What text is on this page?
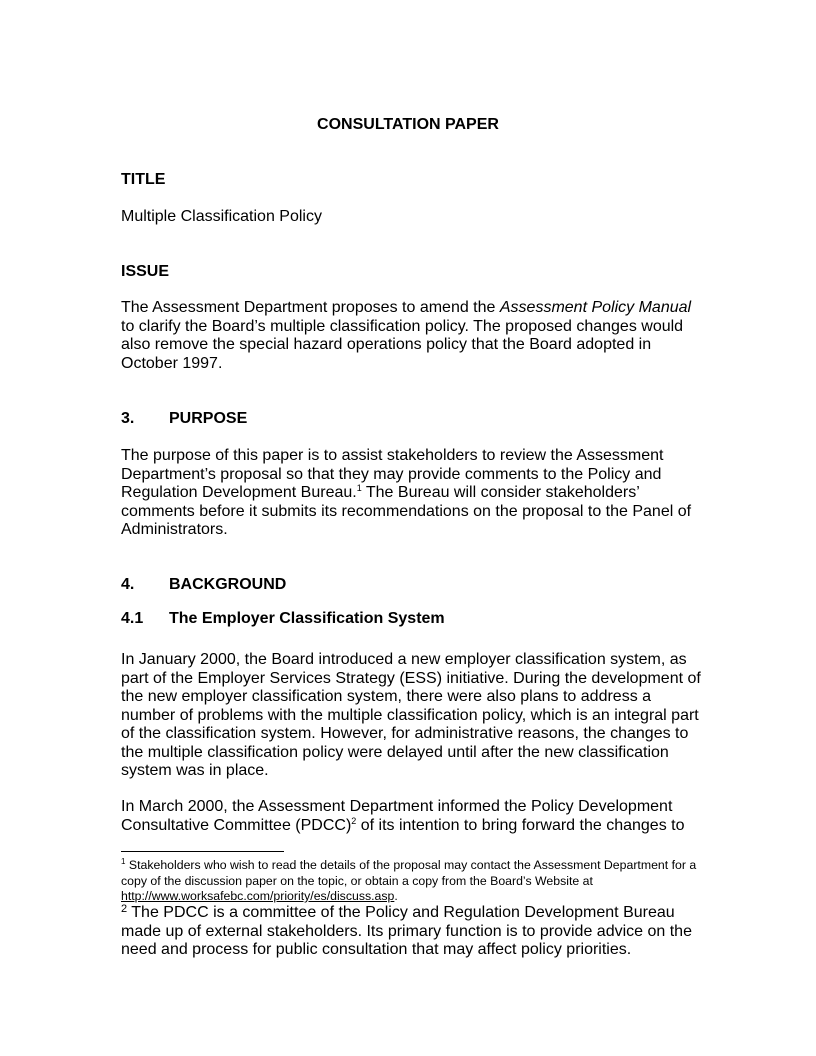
CONSULTATION PAPER
TITLE

Multiple Classification Policy

ISSUE

The Assessment Department proposes to amend the Assessment Policy Manual to clarify the Board’s multiple classification policy. The proposed changes would also remove the special hazard operations policy that the Board adopted in October 1997.

3. PURPOSE

The purpose of this paper is to assist stakeholders to review the Assessment Department’s proposal so that they may provide comments to the Policy and Regulation Development Bureau.$^1$ The Bureau will consider stakeholders’ comments before it submits its recommendations on the proposal to the Panel of Administrators.

4. BACKGROUND
4.1 The Employer Classification System

In January 2000, the Board introduced a new employer classification system, as part of the Employer Services Strategy (ESS) initiative. During the development of the new employer classification system, there were also plans to address a number of problems with the multiple classification policy, which is an integral part of the classification system. However, for administrative reasons, the changes to the multiple classification policy were delayed until after the new classification system was in place.

In March 2000, the Assessment Department informed the Policy Development Consultative Committee (PDCC)$^2$ of its intention to bring forward the changes to

$^1$ Stakeholders who wish to read the details of the proposal may contact the Assessment Department for a copy of the discussion paper on the topic, or obtain a copy from the Board’s Website at http://www.worksafebc.com/priority/es/discuss.asp.
$^2$ The PDCC is a committee of the Policy and Regulation Development Bureau made up of external stakeholders. Its primary function is to provide advice on the need and process for public consultation that may affect policy priorities.
